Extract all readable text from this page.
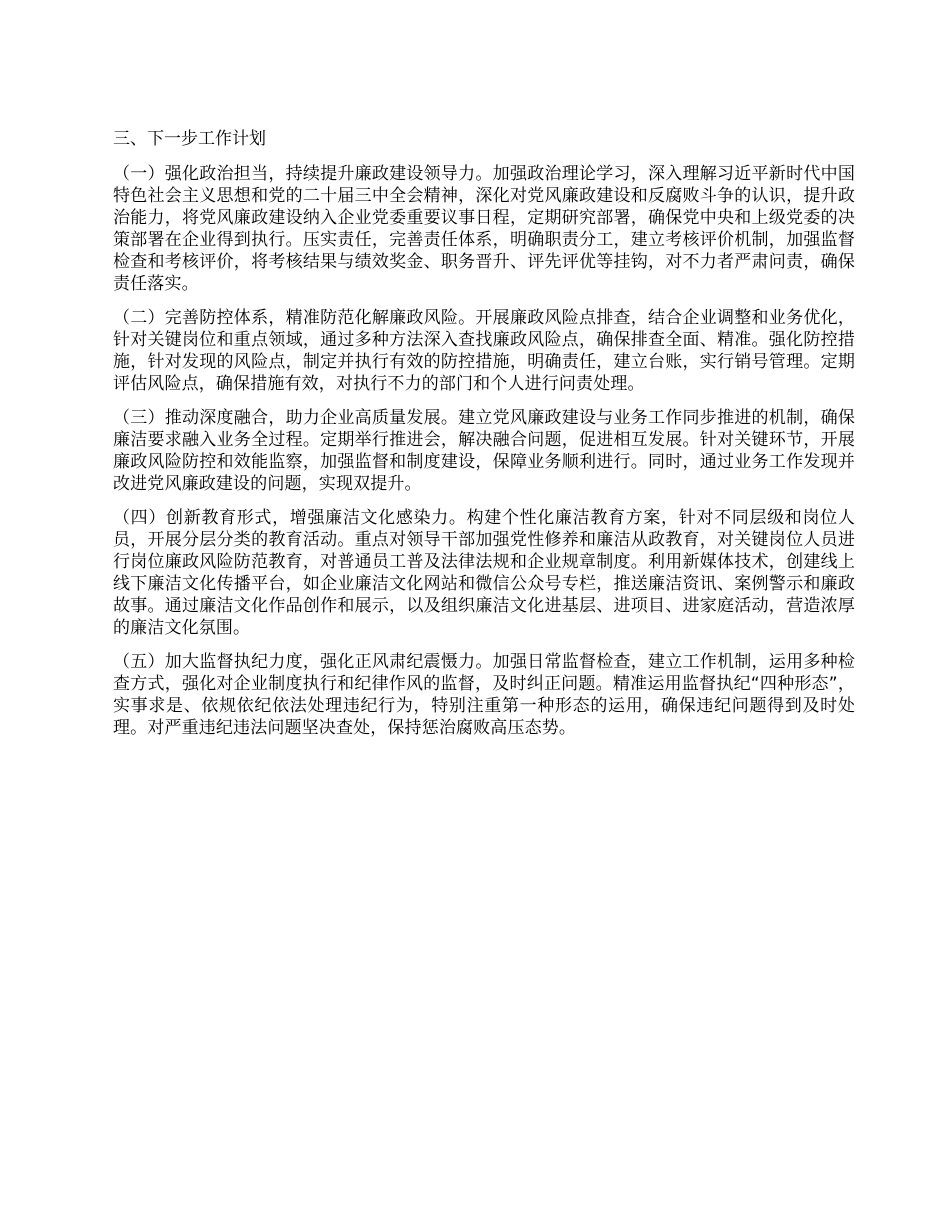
三、下一步工作计划

（一）强化政治担当，持续提升廉政建设领导力。加强政治理论学习，深入理解习近平新时代中国特色社会主义思想和党的二十届三中全会精神，深化对党风廉政建设和反腐败斗争的认识，提升政治能力，将党风廉政建设纳入企业党委重要议事日程，定期研究部署，确保党中央和上级党委的决策部署在企业得到执行。压实责任，完善责任体系，明确职责分工，建立考核评价机制，加强监督检查和考核评价，将考核结果与绩效奖金、职务晋升、评先评优等挂钩，对不力者严肃问责，确保责任落实。

（二）完善防控体系，精准防范化解廉政风险。开展廉政风险点排查，结合企业调整和业务优化，针对关键岗位和重点领域，通过多种方法深入查找廉政风险点，确保排查全面、精准。强化防控措施，针对发现的风险点，制定并执行有效的防控措施，明确责任，建立台账，实行销号管理。定期评估风险点，确保措施有效，对执行不力的部门和个人进行问责处理。

（三）推动深度融合，助力企业高质量发展。建立党风廉政建设与业务工作同步推进的机制，确保廉洁要求融入业务全过程。定期举行推进会，解决融合问题，促进相互发展。针对关键环节，开展廉政风险防控和效能监察，加强监督和制度建设，保障业务顺利进行。同时，通过业务工作发现并改进党风廉政建设的问题，实现双提升。

（四）创新教育形式，增强廉洁文化感染力。构建个性化廉洁教育方案，针对不同层级和岗位人员，开展分层分类的教育活动。重点对领导干部加强党性修养和廉洁从政教育，对关键岗位人员进行岗位廉政风险防范教育，对普通员工普及法律法规和企业规章制度。利用新媒体技术，创建线上线下廉洁文化传播平台，如企业廉洁文化网站和微信公众号专栏，推送廉洁资讯、案例警示和廉政故事。通过廉洁文化作品创作和展示，以及组织廉洁文化进基层、进项目、进家庭活动，营造浓厚的廉洁文化氛围。

（五）加大监督执纪力度，强化正风肃纪震慑力。加强日常监督检查，建立工作机制，运用多种检查方式，强化对企业制度执行和纪律作风的监督，及时纠正问题。精准运用监督执纪“四种形态”，实事求是、依规依纪依法处理违纪行为，特别注重第一种形态的运用，确保违纪问题得到及时处理。对严重违纪违法问题坚决查处，保持惩治腐败高压态势。
